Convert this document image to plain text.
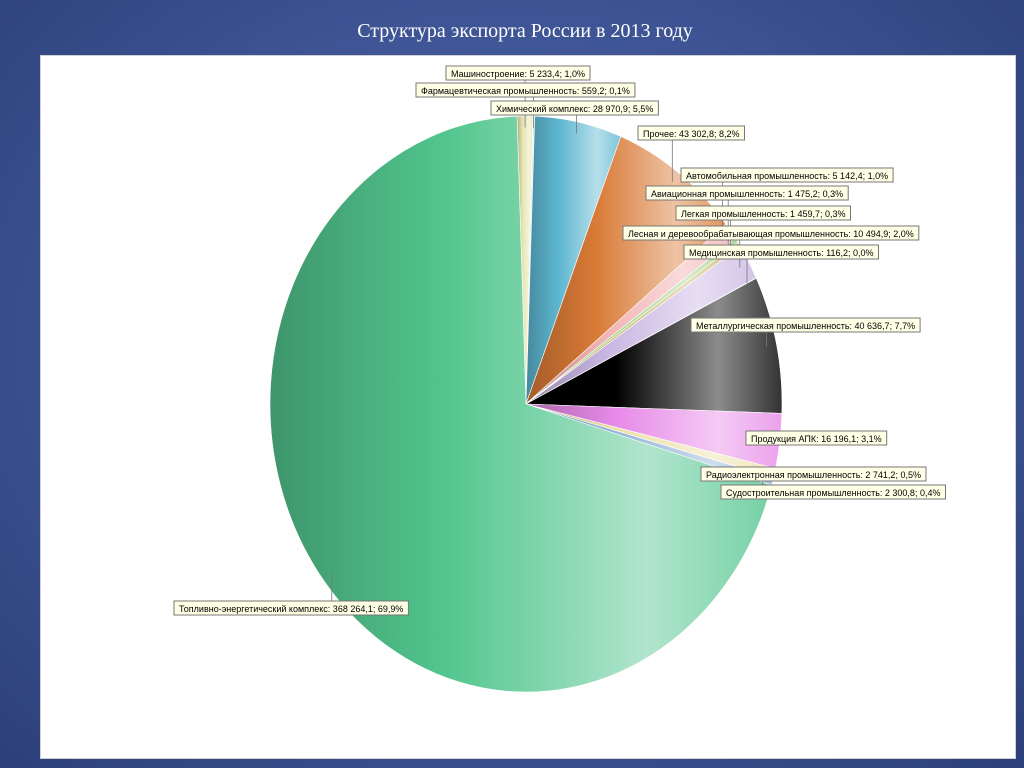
Структура экспорта России в 2013 году
Машиностроение: 5 233,4; 1,0%
Фармацевтическая промышленность: 559,2; 0,1%
Химический комплекс: 28 970,9; 5,5%
Прочее: 43 302,8; 8,2%
Автомобильная промышленность: 5 142,4; 1,0%
Авиационная промышленность: 1 475,2; 0,3%
Легкая промышленность: 1 459,7; 0,3%
Лесная и деревообрабатывающая промышленность: 10 494,9; 2,0%
Медицинская промышленность: 116,2; 0,0%
Металлургическая промышленность: 40 636,7; 7,7%
Продукция АПК: 16 196,1; 3,1%
Радиоэлектронная промышленность: 2 741,2; 0,5%
Судостроительная промышленность: 2 300,8; 0,4%
Топливно-энергетический комплекс: 368 264,1; 69,9%
